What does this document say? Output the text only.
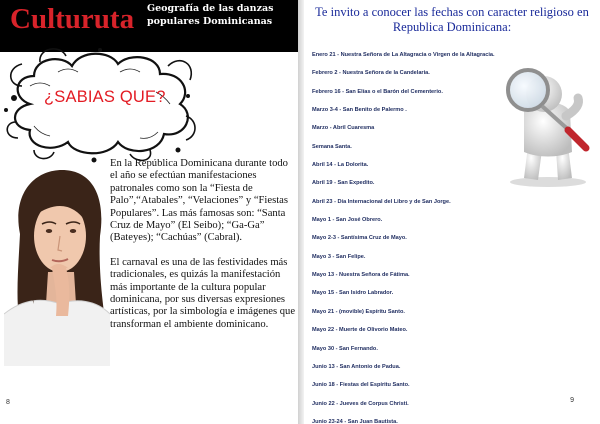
Culturuta Geografía de las danzas populares Dominicanas
¿SABIAS QUE?

En la República Dominicana durante todo el año se efectúan manifestaciones patronales como son la “Fiesta de Palo”,“Atabales”, “Velaciones” y “Fiestas Populares”. Las más famosas son: “Santa Cruz de Mayo” (El Seibo); “Ga-Ga” (Bateyes); “Cachúas” (Cabral).

El carnaval es una de las festividades más tradicionales, es quizás la manifestación más importante de la cultura popular dominicana, por sus diversas expresiones artísticas, por la simbología e imágenes que transforman el ambiente dominicano.

8
Te invito a conocer las fechas con caracter religioso en Republica Dominicana:
Enero 21 - Nuestra Señora de La Altagracia o Virgen de la Altagracia.
Febrero 2 - Nuestra Señora de la Candelaria.
Febrero 16 - San Elías o el Barón del Cementerio.
Marzo 3-4 - San Benito de Palermo .
Marzo - Abril Cuaresma
Semana Santa.
Abril 14 - La Dolorita.
Abril 19 - San Expedito.
Abril 23 - Día Internacional del Libro y de San Jorge.
Mayo 1 - San José Obrero.
Mayo 2-3 - Santísima Cruz de Mayo.
Mayo 3 - San Felipe.
Mayo 13 - Nuestra Señora de Fátima.
Mayo 15 - San Isidro Labrador.
Mayo 21 - (movible) Espíritu Santo.
Mayo 22 - Muerte de Olivorio Mateo.
Mayo 30 - San Fernando.
Junio 13 - San Antonio de Padua.
Junio 18 - Fiestas del Espíritu Santo.
Junio 22 - Jueves de Corpus Christi.
Junio 23-24 - San Juan Bautista.
9
